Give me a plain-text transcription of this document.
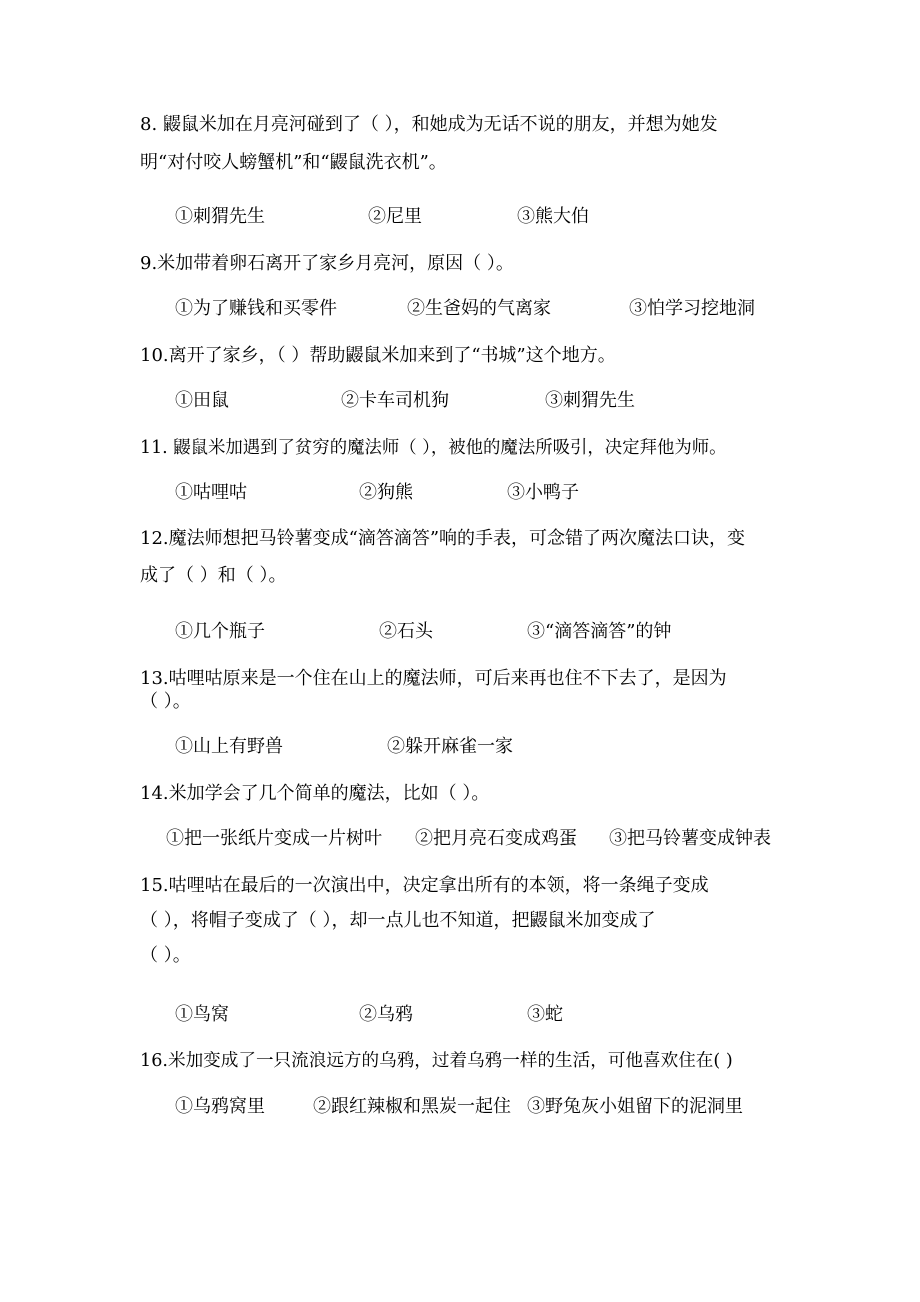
8. 鼹鼠米加在月亮河碰到了（ ），和她成为无话不说的朋友，并想为她发
明“对付咬人螃蟹机”和“鼹鼠洗衣机”。
①刺猬先生	②尼里	③熊大伯
9.米加带着卵石离开了家乡月亮河，原因（ ）。
①为了赚钱和买零件	②生爸妈的气离家	③怕学习挖地洞
10.离开了家乡，（ ）帮助鼹鼠米加来到了“书城”这个地方。
①田鼠	②卡车司机狗	③刺猬先生
11. 鼹鼠米加遇到了贫穷的魔法师（ ），被他的魔法所吸引，决定拜他为师。
①咕哩咕	②狗熊	③小鸭子
12.魔法师想把马铃薯变成“滴答滴答”响的手表，可念错了两次魔法口诀，变
成了（ ）和（ ）。
①几个瓶子	②石头	③“滴答滴答”的钟
13.咕哩咕原来是一个住在山上的魔法师，可后来再也住不下去了，是因为
（ ）。
①山上有野兽	②躲开麻雀一家
14.米加学会了几个简单的魔法，比如（ ）。
①把一张纸片变成一片树叶 ②把月亮石变成鸡蛋 ③把马铃薯变成钟表
15.咕哩咕在最后的一次演出中，决定拿出所有的本领，将一条绳子变成
（ ），将帽子变成了（ ），却一点儿也不知道，把鼹鼠米加变成了
（ ）。
①鸟窝	②乌鸦	③蛇
16.米加变成了一只流浪远方的乌鸦，过着乌鸦一样的生活，可他喜欢住在( )
①乌鸦窝里	②跟红辣椒和黑炭一起住 ③野兔灰小姐留下的泥洞里
